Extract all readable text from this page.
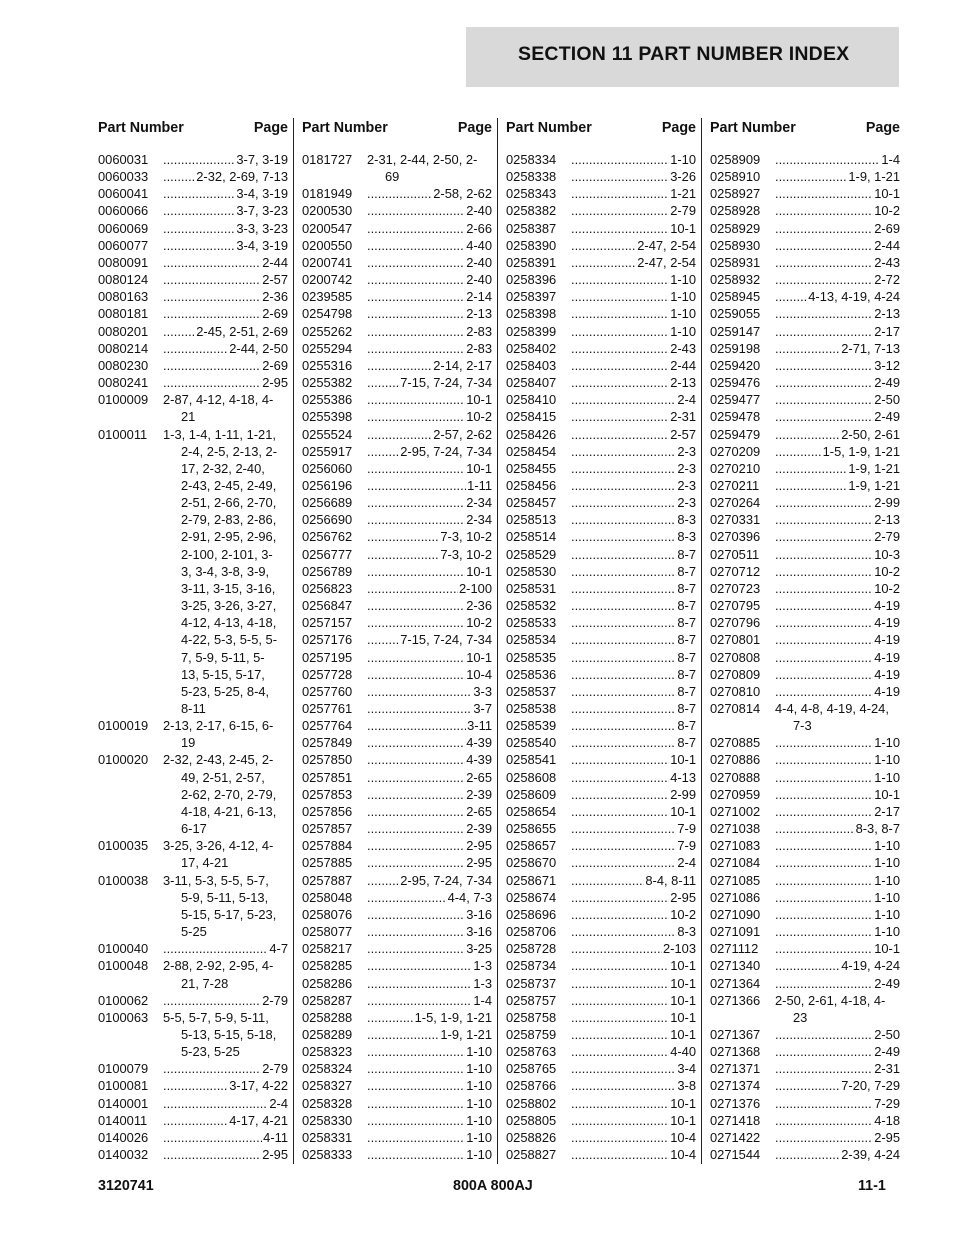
SECTION 11 PART NUMBER INDEX
Part Number	Page
0060031 .....	3-7, 3-19
0060033 .....	2-32, 2-69, 7-13
0060041 .....	3-4, 3-19
0060066 .....	3-7, 3-23
0060069 .....	3-3, 3-23
0060077 .....	3-4, 3-19
0080091 .....	2-44
0080124 .....	2-57
0080163 .....	2-36
0080181 .....	2-69
0080201 .....	2-45, 2-51, 2-69
0080214 .....	2-44, 2-50
0080230 .....	2-69
0080241 .....	2-95
0100009	2-87, 4-12, 4-18, 4-
21
0100011	1-3, 1-4, 1-11, 1-21,
2-4, 2-5, 2-13, 2-
17, 2-32, 2-40,
2-43, 2-45, 2-49,
2-51, 2-66, 2-70,
2-79, 2-83, 2-86,
2-91, 2-95, 2-96,
2-100, 2-101, 3-
3, 3-4, 3-8, 3-9,
3-11, 3-15, 3-16,
3-25, 3-26, 3-27,
4-12, 4-13, 4-18,
4-22, 5-3, 5-5, 5-
7, 5-9, 5-11, 5-
13, 5-15, 5-17,
5-23, 5-25, 8-4,
8-11
0100019	2-13, 2-17, 6-15, 6-
19
0100020	2-32, 2-43, 2-45, 2-
49, 2-51, 2-57,
2-62, 2-70, 2-79,
4-18, 4-21, 6-13,
6-17
0100035	3-25, 3-26, 4-12, 4-
17, 4-21
0100038	3-11, 5-3, 5-5, 5-7,
5-9, 5-11, 5-13,
5-15, 5-17, 5-23,
5-25
0100040 .....	4-7
0100048	2-88, 2-92, 2-95, 4-
21, 7-28
0100062 .....	2-79
0100063	5-5, 5-7, 5-9, 5-11,
5-13, 5-15, 5-18,
5-23, 5-25
0100079 .....	2-79
0100081 .....	3-17, 4-22
0140001 .....	2-4
0140011 .....	4-17, 4-21
0140026 .....	4-11
0140032 .....	2-95
Part Number	Page
0181727	2-31, 2-44, 2-50, 2-
69
0181949 .....	2-58, 2-62
0200530 .....	2-40
0200547 .....	2-66
0200550 .....	4-40
0200741 .....	2-40
0200742 .....	2-40
0239585 .....	2-14
0254798 .....	2-13
0255262 .....	2-83
0255294 .....	2-83
0255316 .....	2-14, 2-17
0255382 .....	7-15, 7-24, 7-34
0255386 .....	10-1
0255398 .....	10-2
0255524 .....	2-57, 2-62
0255917 .....	2-95, 7-24, 7-34
0256060 .....	10-1
0256196 .....	1-11
0256689 .....	2-34
0256690 .....	2-34
0256762 .....	7-3, 10-2
0256777 .....	7-3, 10-2
0256789 .....	10-1
0256823 .....	2-100
0256847 .....	2-36
0257157 .....	10-2
0257176 .....	7-15, 7-24, 7-34
0257195 .....	10-1
0257728 .....	10-4
0257760 .....	3-3
0257761 .....	3-7
0257764 .....	3-11
0257849 .....	4-39
0257850 .....	4-39
0257851 .....	2-65
0257853 .....	2-39
0257856 .....	2-65
0257857 .....	2-39
0257884 .....	2-95
0257885 .....	2-95
0257887 .....	2-95, 7-24, 7-34
0258048 .....	4-4, 7-3
0258076 .....	3-16
0258077 .....	3-16
0258217 .....	3-25
0258285 .....	1-3
0258286 .....	1-3
0258287 .....	1-4
0258288 .....	1-5, 1-9, 1-21
0258289 .....	1-9, 1-21
0258323 .....	1-10
0258324 .....	1-10
0258327 .....	1-10
0258328 .....	1-10
0258330 .....	1-10
0258331 .....	1-10
0258333 .....	1-10
Part Number	Page
0258334 .....	1-10
0258338 .....	3-26
0258343 .....	1-21
0258382 .....	2-79
0258387 .....	10-1
0258390 .....	2-47, 2-54
0258391 .....	2-47, 2-54
0258396 .....	1-10
0258397 .....	1-10
0258398 .....	1-10
0258399 .....	1-10
0258402 .....	2-43
0258403 .....	2-44
0258407 .....	2-13
0258410 .....	2-4
0258415 .....	2-31
0258426 .....	2-57
0258454 .....	2-3
0258455 .....	2-3
0258456 .....	2-3
0258457 .....	2-3
0258513 .....	8-3
0258514 .....	8-3
0258529 .....	8-7
0258530 .....	8-7
0258531 .....	8-7
0258532 .....	8-7
0258533 .....	8-7
0258534 .....	8-7
0258535 .....	8-7
0258536 .....	8-7
0258537 .....	8-7
0258538 .....	8-7
0258539 .....	8-7
0258540 .....	8-7
0258541 .....	10-1
0258608 .....	4-13
0258609 .....	2-99
0258654 .....	10-1
0258655 .....	7-9
0258657 .....	7-9
0258670 .....	2-4
0258671 .....	8-4, 8-11
0258674 .....	2-95
0258696 .....	10-2
0258706 .....	8-3
0258728 .....	2-103
0258734 .....	10-1
0258737 .....	10-1
0258757 .....	10-1
0258758 .....	10-1
0258759 .....	10-1
0258763 .....	4-40
0258765 .....	3-4
0258766 .....	3-8
0258802 .....	10-1
0258805 .....	10-1
0258826 .....	10-4
0258827 .....	10-4
Part Number	Page
0258909 .....	1-4
0258910 .....	1-9, 1-21
0258927 .....	10-1
0258928 .....	10-2
0258929 .....	2-69
0258930 .....	2-44
0258931 .....	2-43
0258932 .....	2-72
0258945 .....	4-13, 4-19, 4-24
0259055 .....	2-13
0259147 .....	2-17
0259198 .....	2-71, 7-13
0259420 .....	3-12
0259476 .....	2-49
0259477 .....	2-50
0259478 .....	2-49
0259479 .....	2-50, 2-61
0270209 .....	1-5, 1-9, 1-21
0270210 .....	1-9, 1-21
0270211 .....	1-9, 1-21
0270264 .....	2-99
0270331 .....	2-13
0270396 .....	2-79
0270511 .....	10-3
0270712 .....	10-2
0270723 .....	10-2
0270795 .....	4-19
0270796 .....	4-19
0270801 .....	4-19
0270808 .....	4-19
0270809 .....	4-19
0270810 .....	4-19
0270814	4-4, 4-8, 4-19, 4-24,
7-3
0270885 .....	1-10
0270886 .....	1-10
0270888 .....	1-10
0270959 .....	10-1
0271002 .....	2-17
0271038 .....	8-3, 8-7
0271083 .....	1-10
0271084 .....	1-10
0271085 .....	1-10
0271086 .....	1-10
0271090 .....	1-10
0271091 .....	1-10
0271112 .....	10-1
0271340 .....	4-19, 4-24
0271364 .....	2-49
0271366	2-50, 2-61, 4-18, 4-
23
0271367 .....	2-50
0271368 .....	2-49
0271371 .....	2-31
0271374 .....	7-20, 7-29
0271376 .....	7-29
0271418 .....	4-18
0271422 .....	2-95
0271544 .....	2-39, 4-24
3120741	800A 800AJ	11-1
